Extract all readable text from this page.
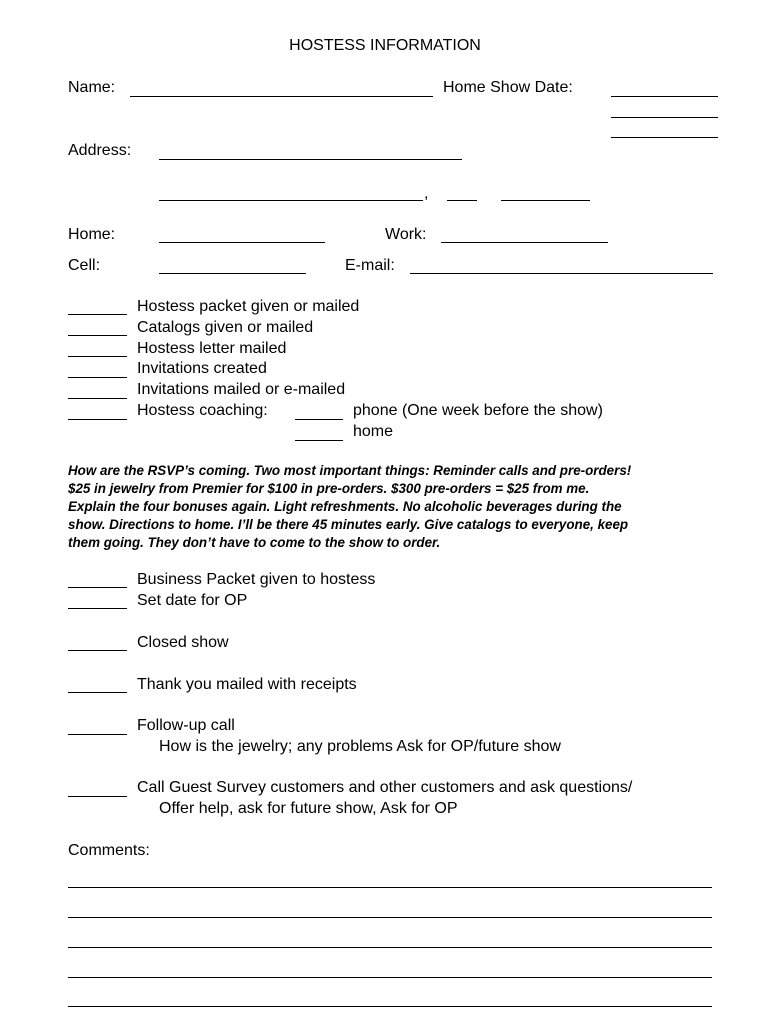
HOSTESS INFORMATION
Name:	Home Show Date:
Address:
,
Home:	Work:
Cell:	E-mail:
Hostess packet given or mailed
Catalogs given or mailed
Hostess letter mailed
Invitations created
Invitations mailed or e-mailed
Hostess coaching:	phone (One week before the show)
home

How are the RSVP’s coming. Two most important things: Reminder calls and pre-orders!

$25 in jewelry from Premier for $100 in pre-orders. $300 pre-orders = $25 from me.

Explain the four bonuses again. Light refreshments. No alcoholic beverages during the

show. Directions to home. I’ll be there 45 minutes early. Give catalogs to everyone, keep

them going. They don’t have to come to the show to order.

Business Packet given to hostess
Set date for OP
Closed show
Thank you mailed with receipts
Follow-up call
How is the jewelry; any problems Ask for OP/future show
Call Guest Survey customers and other customers and ask questions/
Offer help, ask for future show, Ask for OP
Comments:
